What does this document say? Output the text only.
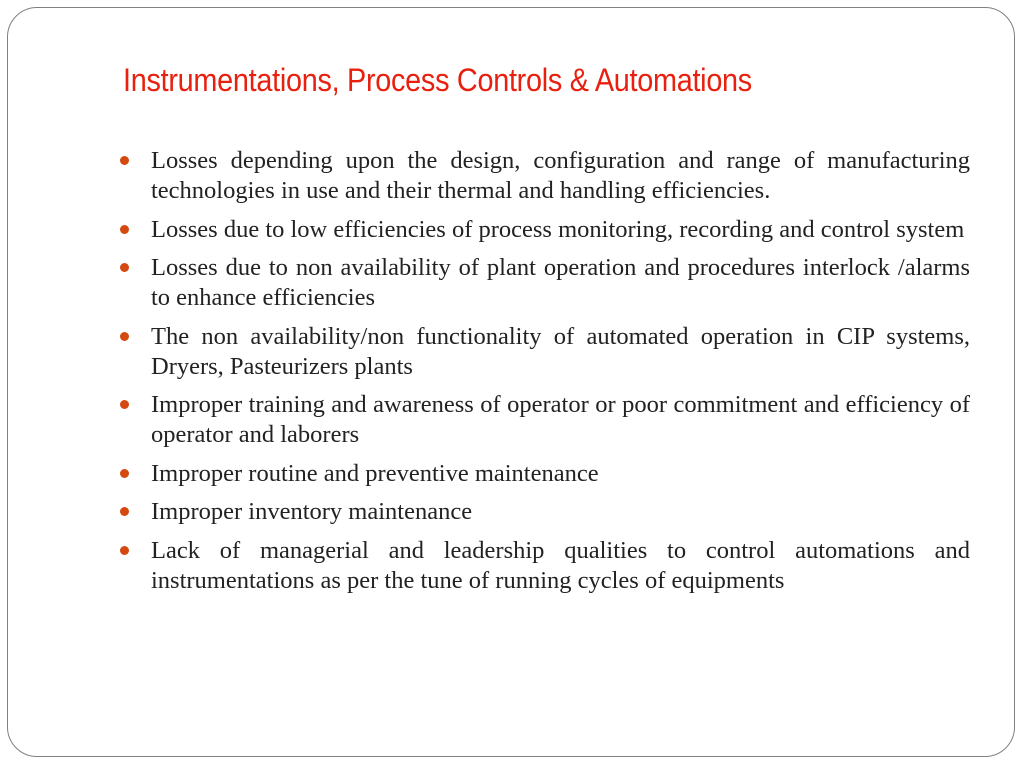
Instrumentations, Process Controls & Automations
Losses depending upon the design, configuration and range of manufacturing technologies in use and their thermal and handling efficiencies.
Losses due to low efficiencies of process monitoring, recording and control system
Losses due to non availability of plant operation and procedures interlock /alarms to enhance efficiencies
The non availability/non functionality of automated operation in CIP systems, Dryers, Pasteurizers plants
Improper training and awareness of operator or poor commitment and efficiency of operator and laborers
Improper routine and preventive maintenance
Improper inventory maintenance
Lack of managerial and leadership qualities to control automations and instrumentations as per the tune of running cycles of equipments
